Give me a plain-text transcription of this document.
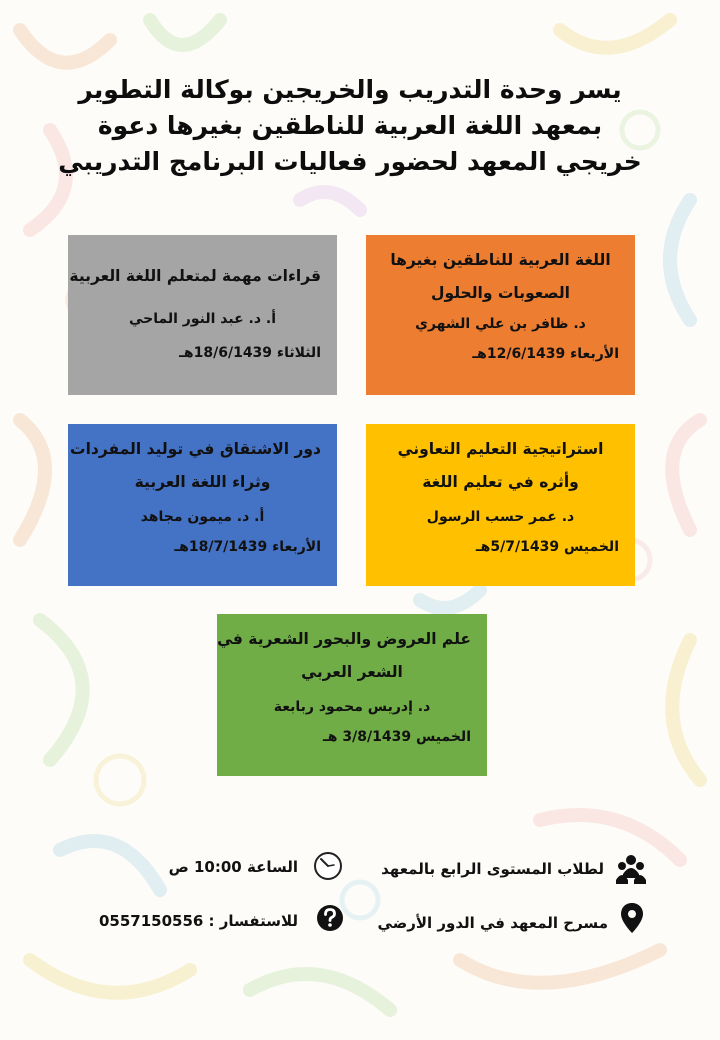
يسر وحدة التدريب والخريجين بوكالة التطوير
بمعهد اللغة العربية للناطقين بغيرها دعوة
خريجي المعهد لحضور فعاليات البرنامج التدريبي
اللغة العربية للناطقين بغيرها
الصعوبات والحلول
د. ظافر بن علي الشهري
الأربعاء 12/6/1439هـ
قراءات مهمة لمتعلم اللغة العربية
أ. د. عبد النور الماحي
الثلاثاء 18/6/1439هـ
استراتيجية التعليم التعاوني
وأثره في تعليم اللغة
د. عمر حسب الرسول
الخميس 5/7/1439هـ
دور الاشتقاق في توليد المفردات
وثراء اللغة العربية
أ. د. ميمون مجاهد
الأربعاء 18/7/1439هـ
علم العروض والبحور الشعرية في
الشعر العربي
د. إدريس محمود ربابعة
الخميس 3/8/1439 هـ
لطلاب المستوى الرابع بالمعهد
الساعة 10:00 ص
مسرح المعهد في الدور الأرضي
للاستفسار : 0557150556
